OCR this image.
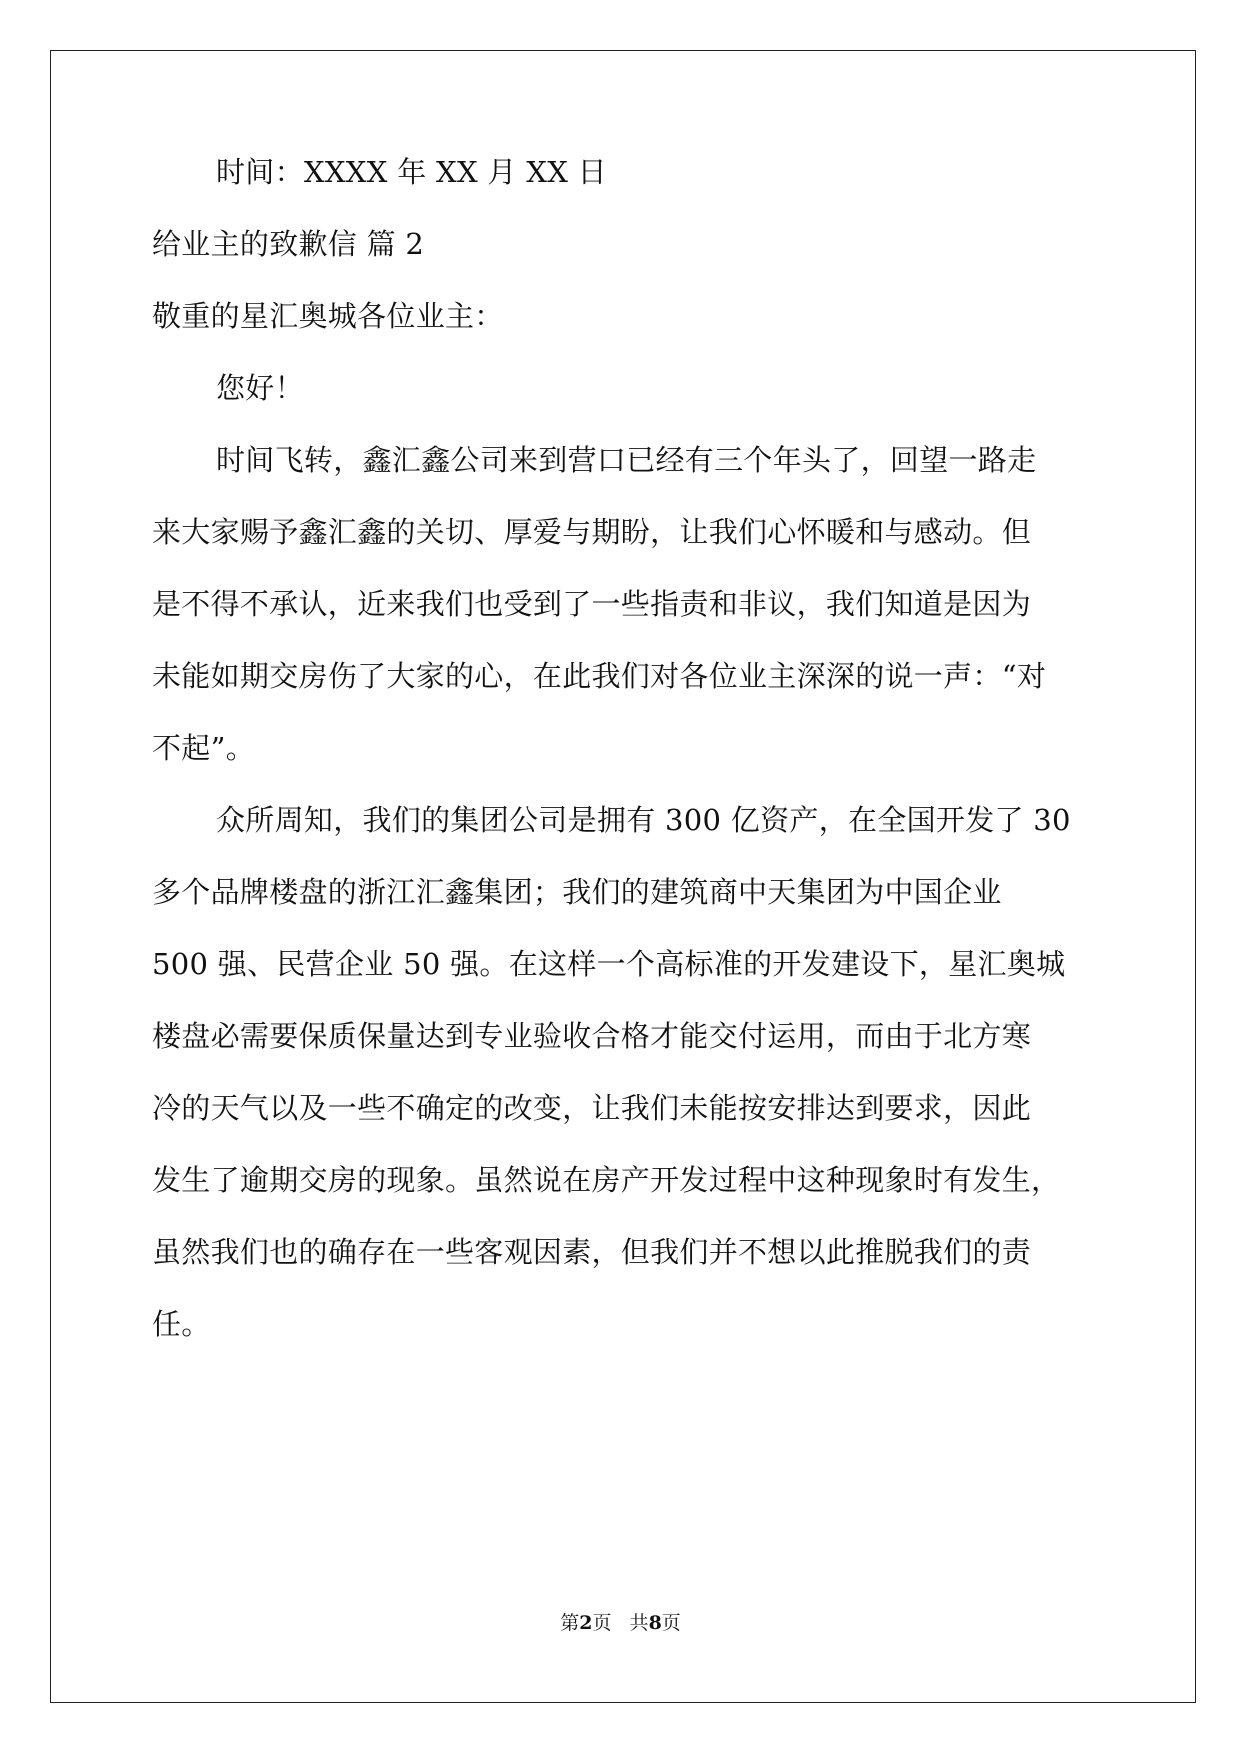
时间：XXXX 年 XX 月 XX 日
给业主的致歉信 篇 2
敬重的星汇奥城各位业主：
您好！
时间飞转，鑫汇鑫公司来到营口已经有三个年头了，回望一路走
来大家赐予鑫汇鑫的关切、厚爱与期盼，让我们心怀暖和与感动。但
是不得不承认，近来我们也受到了一些指责和非议，我们知道是因为
未能如期交房伤了大家的心，在此我们对各位业主深深的说一声：“对
不起”。
众所周知，我们的集团公司是拥有 300 亿资产，在全国开发了 30
多个品牌楼盘的浙江汇鑫集团；我们的建筑商中天集团为中国企业
500 强、民营企业 50 强。在这样一个高标准的开发建设下，星汇奥城
楼盘必需要保质保量达到专业验收合格才能交付运用，而由于北方寒
冷的天气以及一些不确定的改变，让我们未能按安排达到要求，因此
发生了逾期交房的现象。虽然说在房产开发过程中这种现象时有发生，
虽然我们也的确存在一些客观因素，但我们并不想以此推脱我们的责
任。
第2页   共8页
